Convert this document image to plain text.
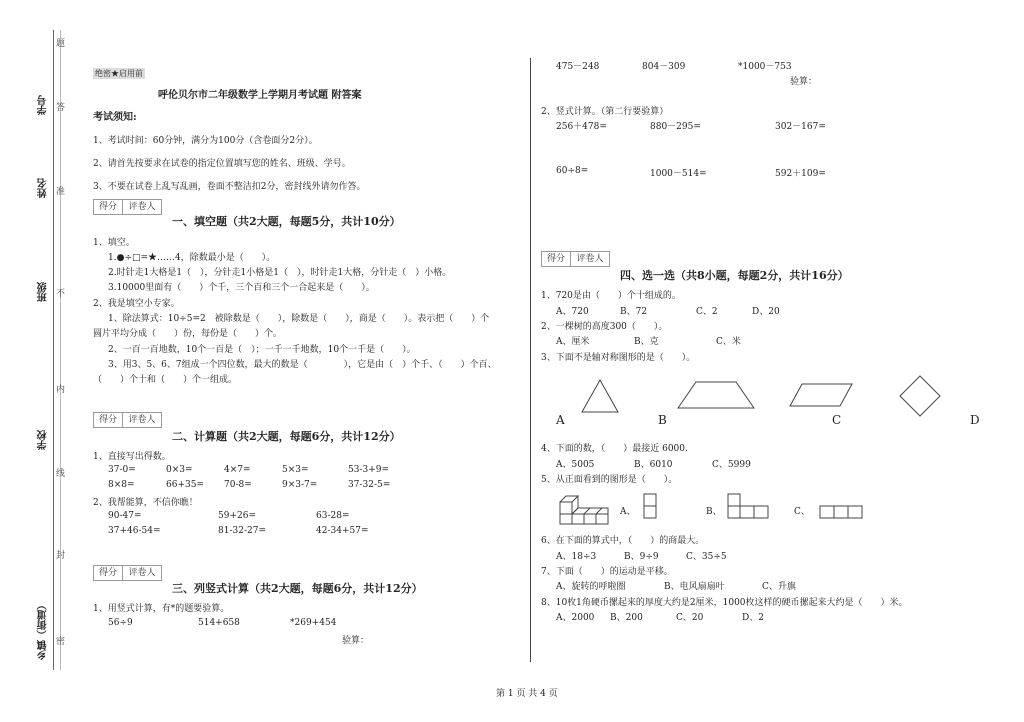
学号
姓名
班级
学校
乡镇（街道）
题
答
准
不
内
线
封
密
绝密★启用前
呼伦贝尔市二年级数学上学期月考试题 附答案
考试须知:
1、考试时间：60分钟，满分为100分（含卷面分2分）。
2、请首先按要求在试卷的指定位置填写您的姓名、班级、学号。
3、不要在试卷上乱写乱画，卷面不整洁扣2分，密封线外请勿作答。
得分	评卷人
一、填空题（共2大题，每题5分，共计10分）
1、填空。
1.●÷□=★……4，除数最小是（　　）。
2.时针走1大格是1（　），分针走1小格是1（　），时针走1大格，分针走（　）小格。
3.10000里面有（　　）个千，三个百和三个一合起来是（　　）。
2、我是填空小专家。
1、除法算式：10÷5=2　被除数是（　　），除数是（　　），商是（　　）。表示把（　　）个
圆片平均分成（　　）份，每份是（　　）个。
2、一百一百地数，10个一百是（　）；一千一千地数，10个一千是（　　）。
3、用3、5、6、7组成一个四位数，最大的数是（　　　　），它是由（　）个千、（　　）个百、
（　　）个十和（　　）个一组成。
得分	评卷人
二、计算题（共2大题，每题6分，共计12分）
1、直接写出得数。
37-0=	0×3=	4×7=	5×3=	53-3+9=
8×8=	66+35= 70-8=	9×3-7=	37-32-5=
2、我帮能算，不信你瞧！
90-47=	59+26=	63-28=
37+46-54=	81-32-27=	42-34+57=
得分	评卷人
三、列竖式计算（共2大题，每题6分，共计12分）
1、用竖式计算，有*的题要验算。
56÷9	514+658	*269+454
验算：
475－248	804－309	*1000－753
验算：
2、竖式计算。（第二行要验算）
256＋478=	880－295=	302－167=
60÷8=	1000－514=	592＋109=
得分	评卷人
四、选一选（共8小题，每题2分，共计16分）
1、720是由（　　）个十组成的。
A、720	B、72	C、2	D、20
2、一棵树的高度300（　　）。
A、厘米	B、克	C、米
3、下面不是轴对称图形的是（　　）。
A	B	C	D
4、下面的数，（　　）最接近 6000.
A、5005	B、6010	C、5999
5、从正面看到的图形是（　　）。
A、	B、	C、
6、在下面的算式中，（　　）的商最大。
A、18÷3	B、9÷9	C、35÷5
7、下面（　　）的运动是平移。
A、旋转的呼啦圈	B、电风扇扇叶	C、升旗
8、10枚1角硬币摞起来的厚度大约是2厘米，1000枚这样的硬币摞起来大约是（　　）米。
A、2000 B、200	C、20	D、2
第 1 页 共 4 页
